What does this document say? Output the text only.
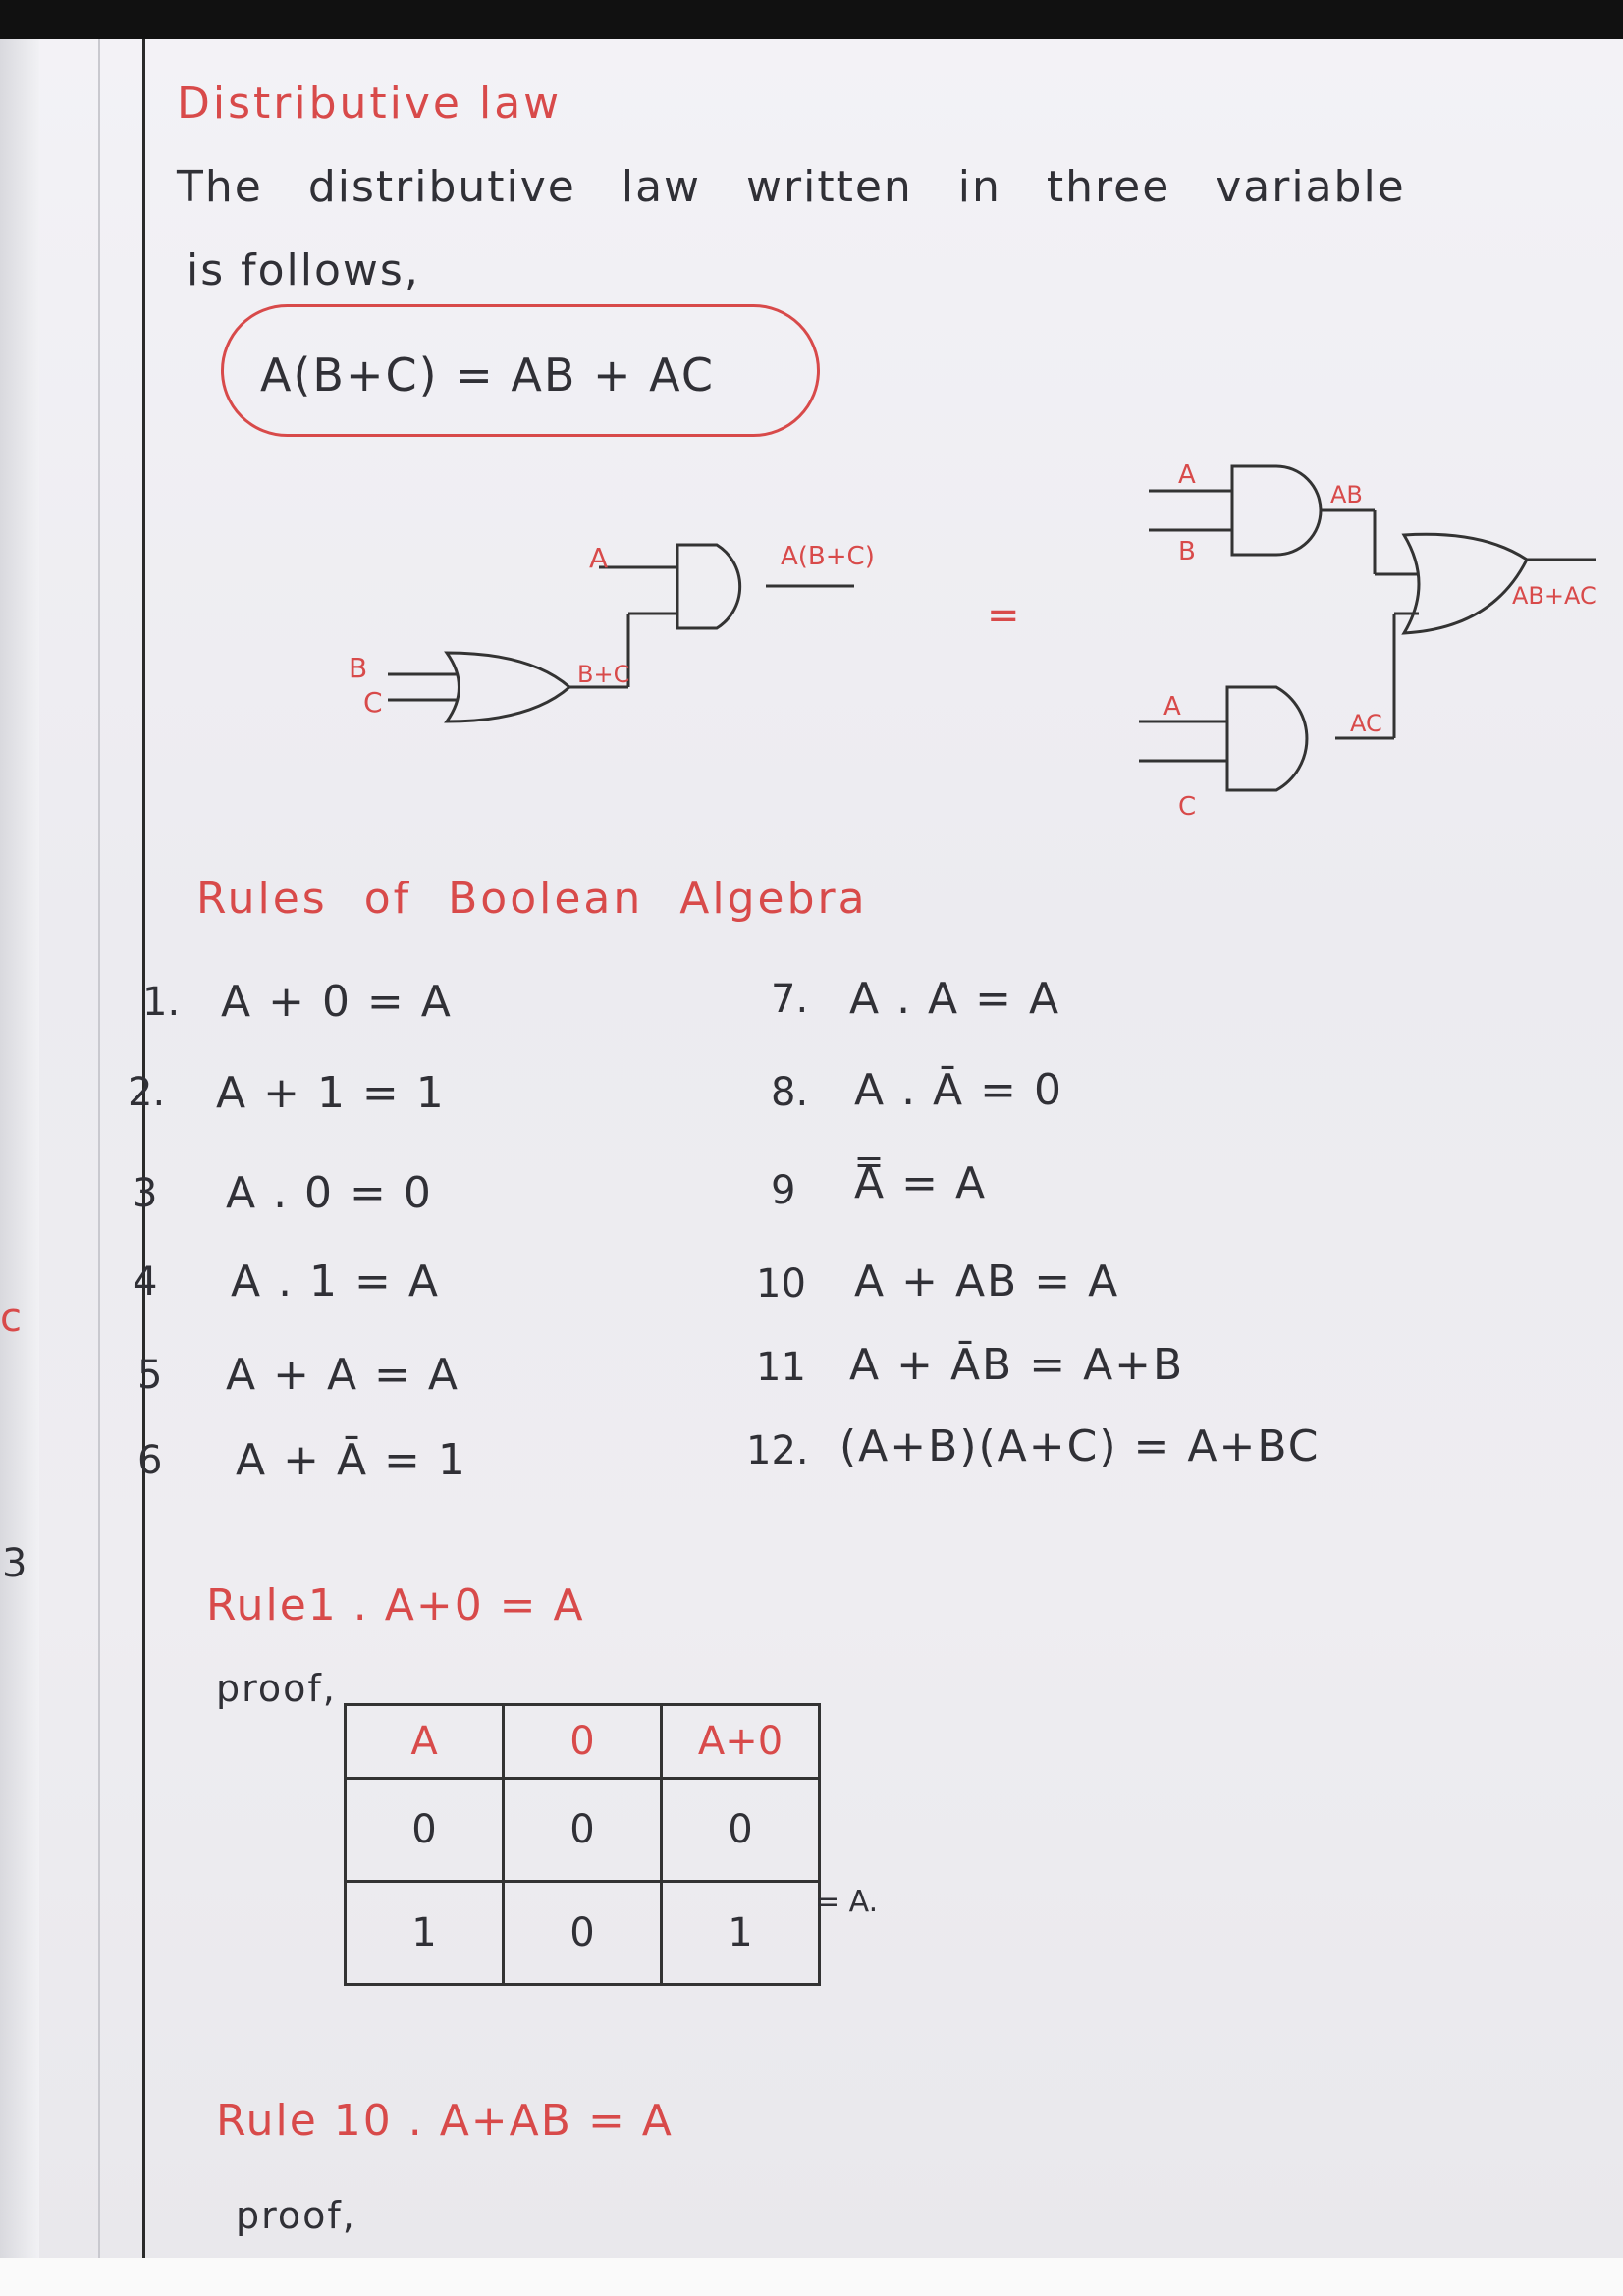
c
3
Distributive law
The distributive law written in three variable
is follows,
A(B+C) = AB + AC
A
B
C
B+C
A(B+C)
=
A
B
AB
A
C
AC
AB+AC
Rules of Boolean Algebra
1. A + 0 = A
2. A + 1 = 1
3 A . 0 = 0
4 A . 1 = A
5 A + A = A
6 A + Ā = 1
7. A . A = A
8. A . Ā = 0
9 A̿ = A
10 A + AB = A
11 A + ĀB = A+B
12. (A+B)(A+C) = A+BC
Rule1 . A+0 = A
proof,
A	0	A+0
0	0	0
1	0	1
= A.
Rule 10 . A+AB = A
proof,
